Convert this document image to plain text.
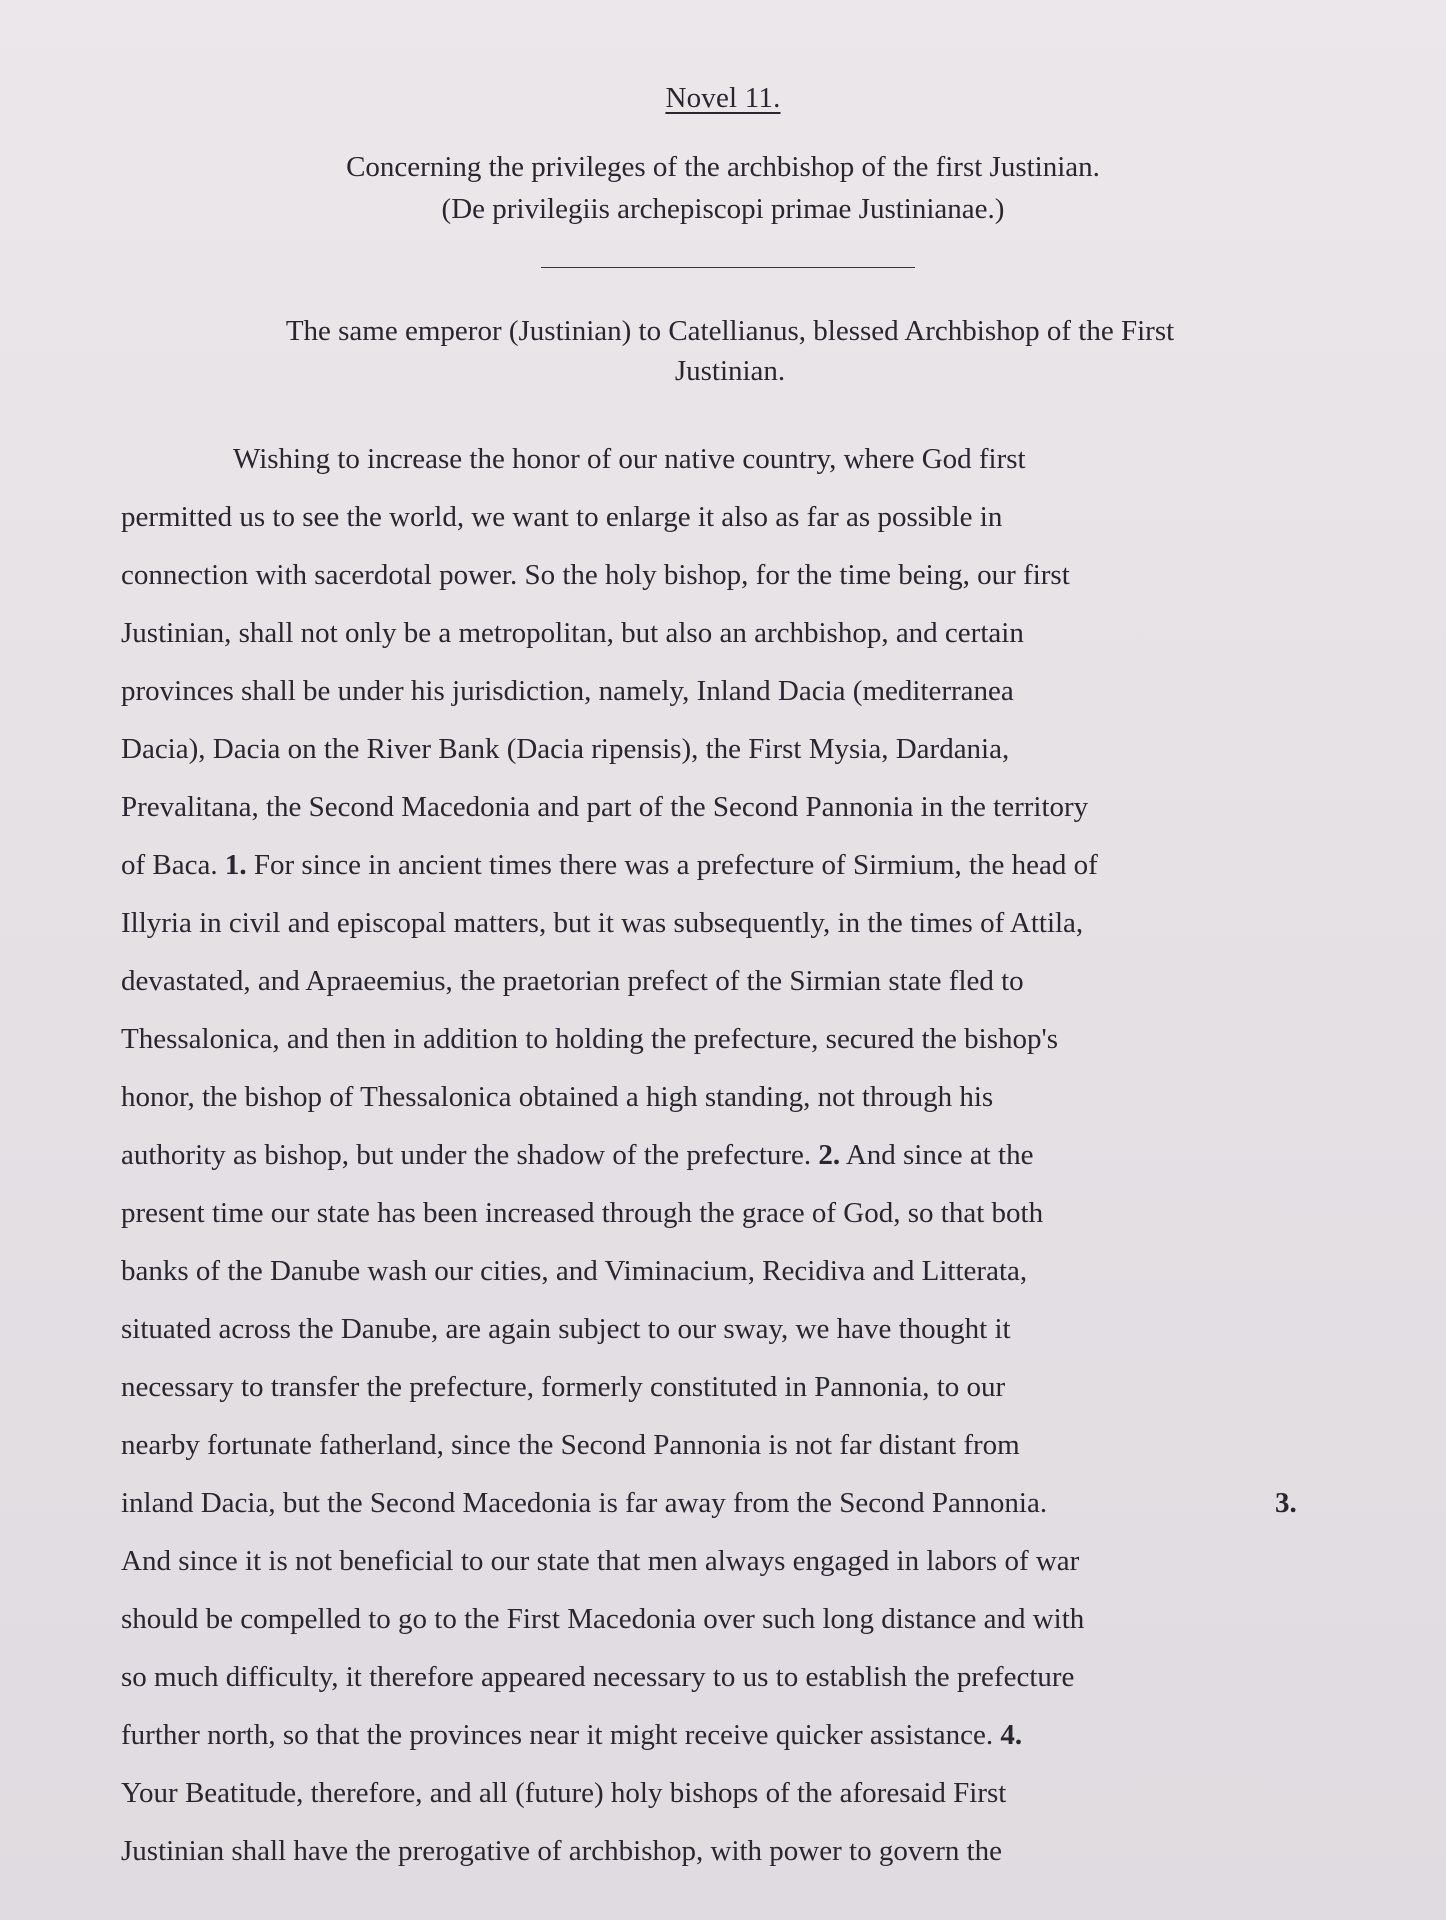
Novel 11.
Concerning the privileges of the archbishop of the first Justinian.
(De privilegiis archepiscopi primae Justinianae.)
The same emperor (Justinian) to Catellianus, blessed Archbishop of the First
Justinian.
Wishing to increase the honor of our native country, where God first
permitted us to see the world, we want to enlarge it also as far as possible in
connection with sacerdotal power. So the holy bishop, for the time being, our first
Justinian, shall not only be a metropolitan, but also an archbishop, and certain
provinces shall be under his jurisdiction, namely, Inland Dacia (mediterranea
Dacia), Dacia on the River Bank (Dacia ripensis), the First Mysia, Dardania,
Prevalitana, the Second Macedonia and part of the Second Pannonia in the territory
of Baca. 1. For since in ancient times there was a prefecture of Sirmium, the head of
Illyria in civil and episcopal matters, but it was subsequently, in the times of Attila,
devastated, and Apraeemius, the praetorian prefect of the Sirmian state fled to
Thessalonica, and then in addition to holding the prefecture, secured the bishop's
honor, the bishop of Thessalonica obtained a high standing, not through his
authority as bishop, but under the shadow of the prefecture. 2. And since at the
present time our state has been increased through the grace of God, so that both
banks of the Danube wash our cities, and Viminacium, Recidiva and Litterata,
situated across the Danube, are again subject to our sway, we have thought it
necessary to transfer the prefecture, formerly constituted in Pannonia, to our
nearby fortunate fatherland, since the Second Pannonia is not far distant from
inland Dacia, but the Second Macedonia is far away from the Second Pannonia.	3.
And since it is not beneficial to our state that men always engaged in labors of war
should be compelled to go to the First Macedonia over such long distance and with
so much difficulty, it therefore appeared necessary to us to establish the prefecture
further north, so that the provinces near it might receive quicker assistance. 4.
Your Beatitude, therefore, and all (future) holy bishops of the aforesaid First
Justinian shall have the prerogative of archbishop, with power to govern the
